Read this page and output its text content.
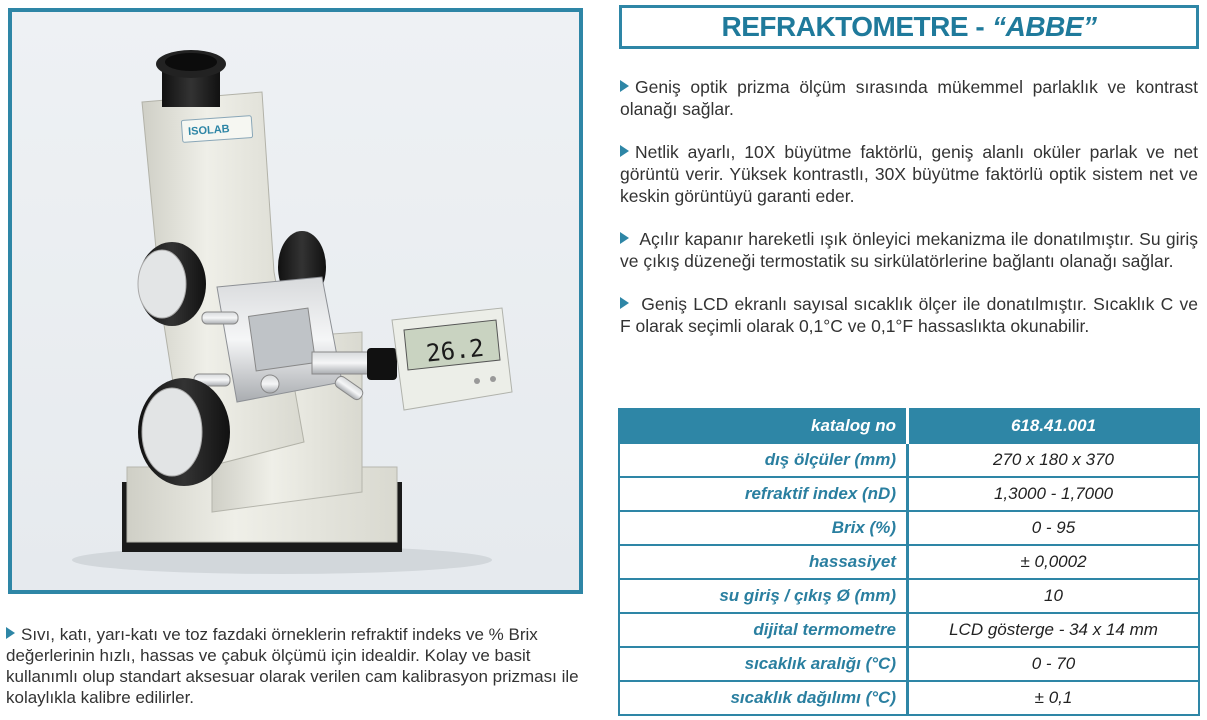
ISOLAB
26.2

Sıvı, katı, yarı-katı ve toz fazdaki örneklerin refraktif indeks ve % Brix değerlerinin hızlı, hassas ve çabuk ölçümü için idealdir. Kolay ve basit kullanımlı olup standart aksesuar olarak verilen cam kalibrasyon prizması ile kolaylıkla kalibre edilirler.

REFRAKTOMETRE - “ABBE”

Geniş optik prizma ölçüm sırasında mükemmel parlaklık ve kontrast olanağı sağlar.

Netlik ayarlı, 10X büyütme faktörlü, geniş alanlı oküler parlak ve net görüntü verir. Yüksek kontrastlı, 30X büyütme faktörlü optik sistem net ve keskin görüntüyü garanti eder.

Açılır kapanır hareketli ışık önleyici mekanizma ile donatılmıştır. Su giriş ve çıkış düzeneği termostatik su sirkülatörlerine bağlantı olanağı sağlar.

Geniş LCD ekranlı sayısal sıcaklık ölçer ile donatılmıştır. Sıcaklık C ve F olarak seçimli olarak 0,1°C ve 0,1°F hassaslıkta okunabilir.

katalog no	618.41.001
dış ölçüler (mm)	270 x 180 x 370
refraktif index (nD)	1,3000 - 1,7000
Brix (%)	0 - 95
hassasiyet	± 0,0002
su giriş / çıkış Ø (mm)	10
dijital termometre	LCD gösterge - 34 x 14 mm
sıcaklık aralığı (°C)	0 - 70
sıcaklık dağılımı (°C)	± 0,1
